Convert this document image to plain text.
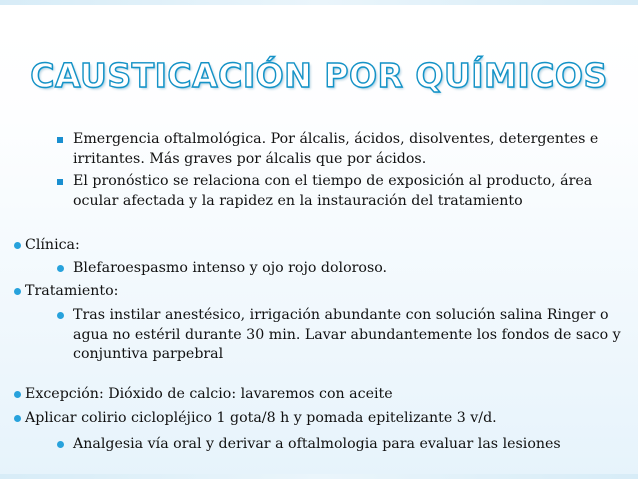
CAUSTICACIÓN POR QUÍMICOS
Emergencia oftalmológica. Por álcalis, ácidos, disolventes, detergentes e
irritantes. Más graves por álcalis que por ácidos.
El pronóstico se relaciona con el tiempo de exposición al producto, área
ocular afectada y la rapidez en la instauración del tratamiento
Clínica:
Blefaroespasmo intenso y ojo rojo doloroso.
Tratamiento:
Tras instilar anestésico, irrigación abundante con solución salina Ringer o
agua no estéril durante 30 min. Lavar abundantemente los fondos de saco y
conjuntiva parpebral
Excepción: Dióxido de calcio: lavaremos con aceite
Aplicar colirio ciclopléjico 1 gota/8 h y pomada epitelizante 3 v/d.
Analgesia vía oral y derivar a oftalmologia para evaluar las lesiones
